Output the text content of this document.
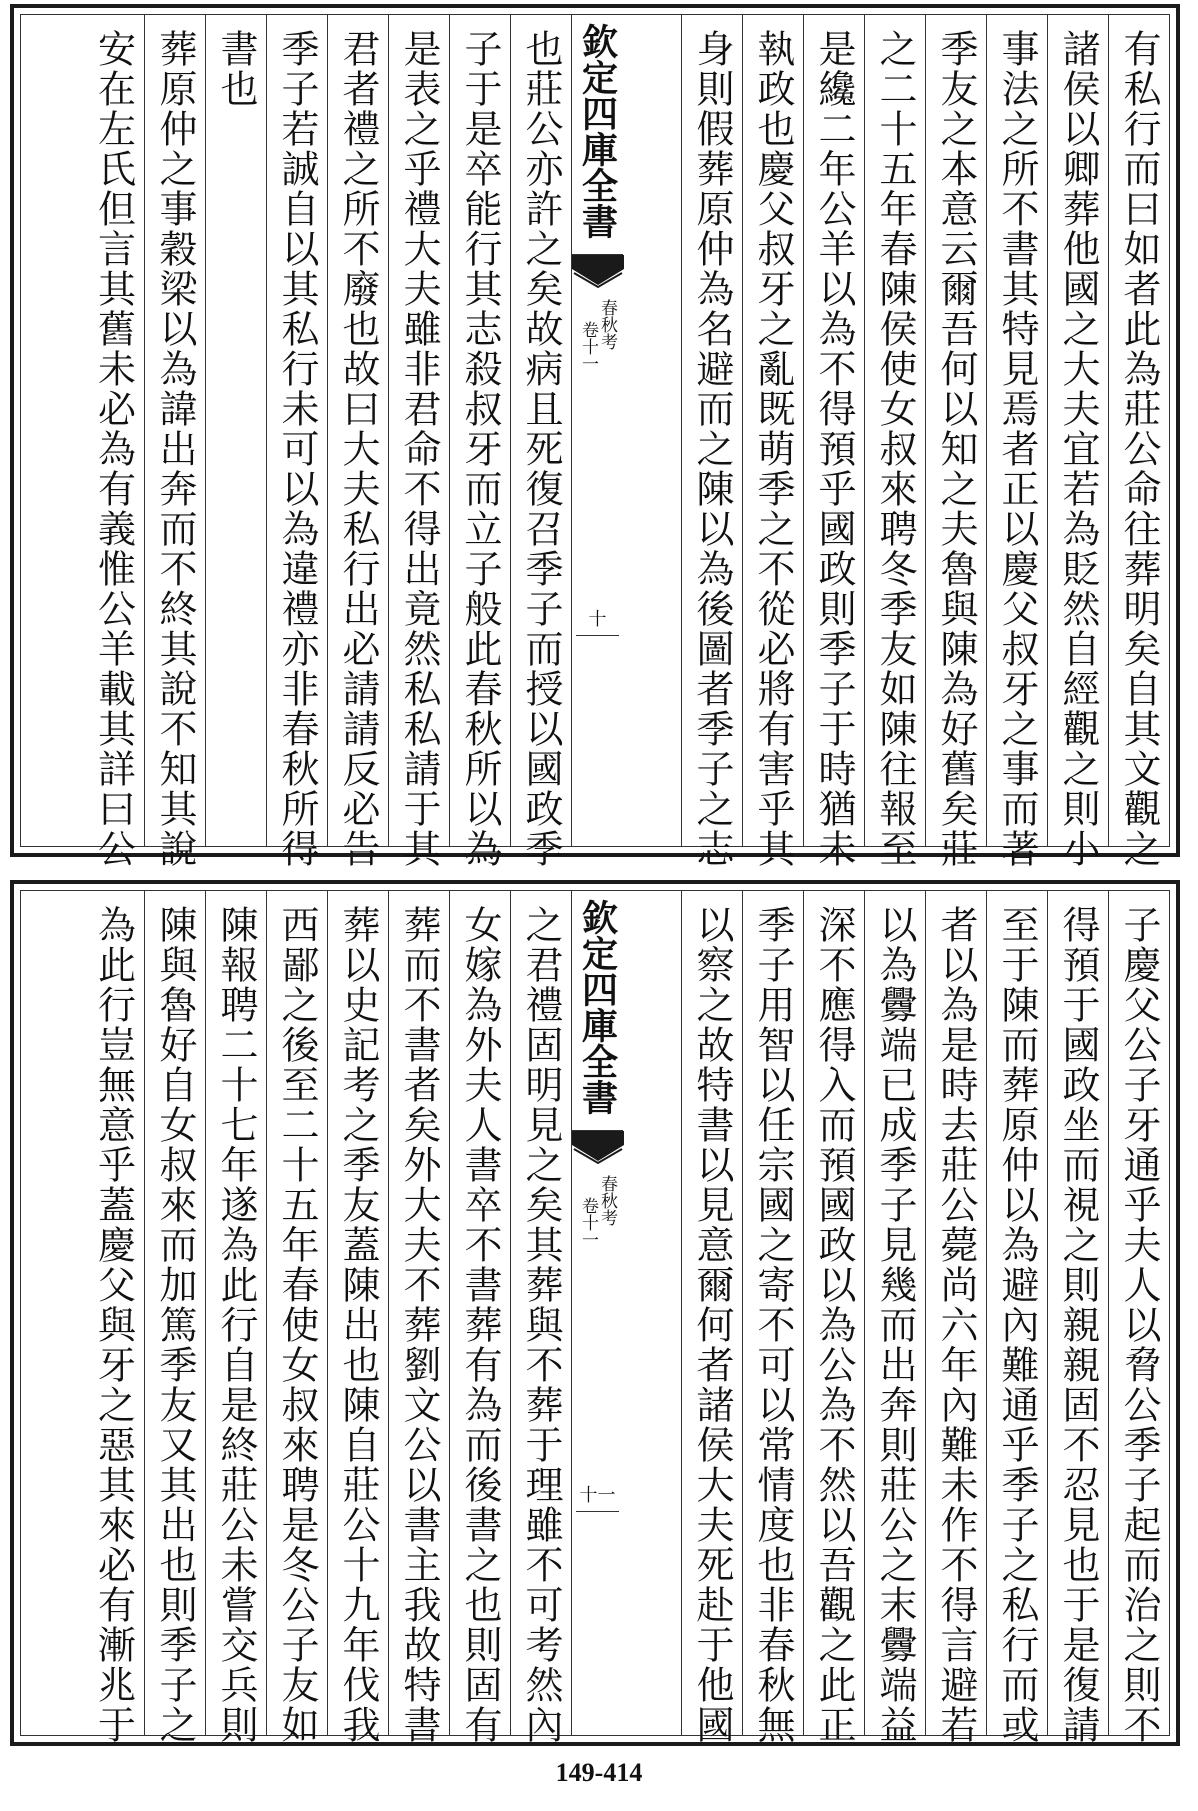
有私行而曰如者此為莊公命往葬明矣自其文觀之
諸侯以卿葬他國之大夫宜若為貶然自經觀之則小
事法之所不書其特見焉者正以慶父叔牙之事而著
季友之本意云爾吾何以知之夫魯與陳為好舊矣莊
之二十五年春陳侯使女叔來聘冬季友如陳往報至
是纔二年公羊以為不得預乎國政則季子于時猶未
執政也慶父叔牙之亂既萌季之不從必將有害乎其
身則假葬原仲為名避而之陳以為後圖者季子之志
欽定四庫全書
春秋考
卷十一
十
也莊公亦許之矣故病且死復召季子而授以國政季
子于是卒能行其志殺叔牙而立子般此春秋所以為
是表之乎禮大夫雖非君命不得出竟然私私請于其
君者禮之所不廢也故曰大夫私行出必請請反必告
季子若誠自以其私行未可以為違禮亦非春秋所得
書也
葬原仲之事穀梁以為諱出奔而不終其說不知其說
安在左氏但言其舊未必為有義惟公羊載其詳曰公
子慶父公子牙通乎夫人以脅公季子起而治之則不
得預于國政坐而視之則親親固不忍見也于是復請
至于陳而葬原仲以為避內難通乎季子之私行而或
者以為是時去莊公薨尚六年內難未作不得言避若
以為釁端已成季子見幾而出奔則莊公之末釁端益
深不應得入而預國政以為公為不然以吾觀之此正
季子用智以任宗國之寄不可以常情度也非春秋無
以察之故特書以見意爾何者諸侯大夫死赴于他國
欽定四庫全書
春秋考
卷十一
十一
之君禮固明見之矣其葬與不葬于理雖不可考然內
女嫁為外夫人書卒不書葬有為而後書之也則固有
葬而不書者矣外大夫不葬劉文公以書主我故特書
葬以史記考之季友蓋陳出也陳自莊公十九年伐我
西鄙之後至二十五年春使女叔來聘是冬公子友如
陳報聘二十七年遂為此行自是終莊公未嘗交兵則
陳與魯好自女叔來而加篤季友又其出也則季子之
為此行豈無意乎蓋慶父與牙之惡其來必有漸兆于
149-414
